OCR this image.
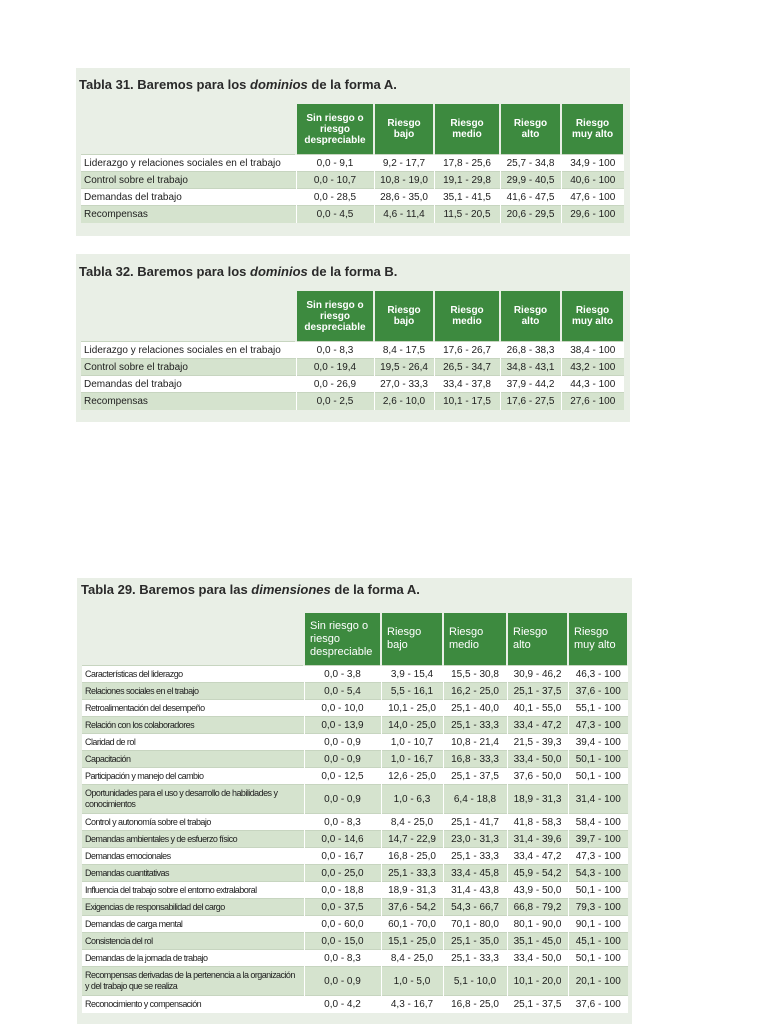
Tabla 31. Baremos para los dominios de la forma A.
	Sin riesgo o
riesgo
despreciable	Riesgo
bajo	Riesgo
medio	Riesgo
alto	Riesgo
muy alto
Liderazgo y relaciones sociales en el trabajo	0,0 - 9,1	9,2 - 17,7	17,8 - 25,6	25,7 - 34,8	34,9 - 100
Control sobre el trabajo	0,0 - 10,7	10,8 - 19,0	19,1 - 29,8	29,9 - 40,5	40,6 - 100
Demandas del trabajo	0,0 - 28,5	28,6 - 35,0	35,1 - 41,5	41,6 - 47,5	47,6 - 100
Recompensas	0,0 - 4,5	4,6 - 11,4	11,5 - 20,5	20,6 - 29,5	29,6 - 100
Tabla 32. Baremos para los dominios de la forma B.
	Sin riesgo o
riesgo
despreciable	Riesgo
bajo	Riesgo
medio	Riesgo
alto	Riesgo
muy alto
Liderazgo y relaciones sociales en el trabajo	0,0 - 8,3	8,4 - 17,5	17,6 - 26,7	26,8 - 38,3	38,4 - 100
Control sobre el trabajo	0,0 - 19,4	19,5 - 26,4	26,5 - 34,7	34,8 - 43,1	43,2 - 100
Demandas del trabajo	0,0 - 26,9	27,0 - 33,3	33,4 - 37,8	37,9 - 44,2	44,3 - 100
Recompensas	0,0 - 2,5	2,6 - 10,0	10,1 - 17,5	17,6 - 27,5	27,6 - 100
Tabla 29. Baremos para las dimensiones de la forma A.
	Sin riesgo o
riesgo
despreciable	Riesgo
bajo	Riesgo
medio	Riesgo
alto	Riesgo
muy alto
Características del liderazgo	0,0 - 3,8	3,9 - 15,4	15,5 - 30,8	30,9 - 46,2	46,3 - 100
Relaciones sociales en el trabajo	0,0 - 5,4	5,5 - 16,1	16,2 - 25,0	25,1 - 37,5	37,6 - 100
Retroalimentación del desempeño	0,0 - 10,0	10,1 - 25,0	25,1 - 40,0	40,1 - 55,0	55,1 - 100
Relación con los colaboradores	0,0 - 13,9	14,0 - 25,0	25,1 - 33,3	33,4 - 47,2	47,3 - 100
Claridad de rol	0,0 - 0,9	1,0 - 10,7	10,8 - 21,4	21,5 - 39,3	39,4 - 100
Capacitación	0,0 - 0,9	1,0 - 16,7	16,8 - 33,3	33,4 - 50,0	50,1 - 100
Participación y manejo del cambio	0,0 - 12,5	12,6 - 25,0	25,1 - 37,5	37,6 - 50,0	50,1 - 100
Oportunidades para el uso y desarrollo de habilidades y conocimientos	0,0 - 0,9	1,0 - 6,3	6,4 - 18,8	18,9 - 31,3	31,4 - 100
Control y autonomía sobre el trabajo	0,0 - 8,3	8,4 - 25,0	25,1 - 41,7	41,8 - 58,3	58,4 - 100
Demandas ambientales y de esfuerzo físico	0,0 - 14,6	14,7 - 22,9	23,0 - 31,3	31,4 - 39,6	39,7 - 100
Demandas emocionales	0,0 - 16,7	16,8 - 25,0	25,1 - 33,3	33,4 - 47,2	47,3 - 100
Demandas cuantitativas	0,0 - 25,0	25,1 - 33,3	33,4 - 45,8	45,9 - 54,2	54,3 - 100
Influencia del trabajo sobre el entorno extralaboral	0,0 - 18,8	18,9 - 31,3	31,4 - 43,8	43,9 - 50,0	50,1 - 100
Exigencias de responsabilidad del cargo	0,0 - 37,5	37,6 - 54,2	54,3 - 66,7	66,8 - 79,2	79,3 - 100
Demandas de carga mental	0,0 - 60,0	60,1 - 70,0	70,1 - 80,0	80,1 - 90,0	90,1 - 100
Consistencia del rol	0,0 - 15,0	15,1 - 25,0	25,1 - 35,0	35,1 - 45,0	45,1 - 100
Demandas de la jornada de trabajo	0,0 - 8,3	8,4 - 25,0	25,1 - 33,3	33,4 - 50,0	50,1 - 100
Recompensas derivadas de la pertenencia a la organización y del trabajo que se realiza	0,0 - 0,9	1,0 - 5,0	5,1 - 10,0	10,1 - 20,0	20,1 - 100
Reconocimiento y compensación	0,0 - 4,2	4,3 - 16,7	16,8 - 25,0	25,1 - 37,5	37,6 - 100
